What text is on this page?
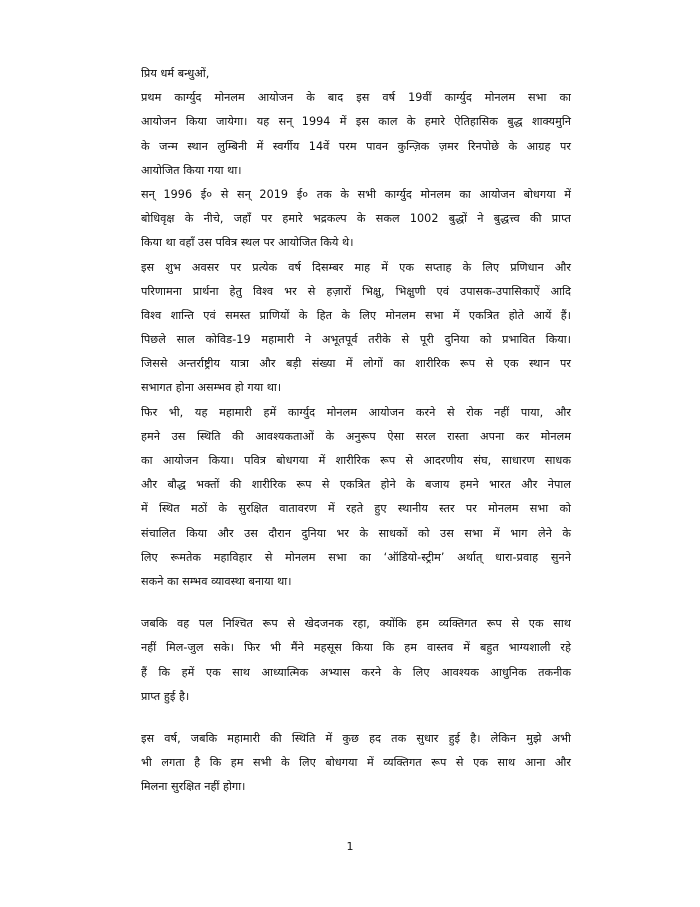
प्रिय धर्म बन्धुओं,
प्रथम कार्ग्युद मोनलम आयोजन के बाद इस वर्ष 19वीं कार्ग्युद मोनलम सभा का
आयोजन किया जायेगा। यह सन् 1994 में इस काल के हमारे ऐतिहासिक बुद्ध शाक्यमुनि
के जन्म स्थान लुम्बिनी में स्वर्गीय 14वें परम पावन कुन्ज़िक ज़मर रिनपोछे के आग्रह पर
आयोजित किया गया था।
सन् 1996 ई० से सन् 2019 ई० तक के सभी कार्ग्युद मोनलम का आयोजन बोधगया में
बोधिवृक्ष के नीचे, जहाँ पर हमारे भद्रकल्प के सकल 1002 बुद्धों ने बुद्धत्त्व की प्राप्त
किया था वहाँ उस पवित्र स्थल पर आयोजित किये थे।
इस शुभ अवसर पर प्रत्येक वर्ष दिसम्बर माह में एक सप्ताह के लिए प्रणिधान और
परिणामना प्रार्थना हेतु विश्व भर से हज़ारों भिक्षु, भिक्षुणी एवं उपासक-उपासिकाऐं आदि
विश्व शान्ति एवं समस्त प्राणियों के हित के लिए मोनलम सभा में एकत्रित होते आयें हैं।
पिछले साल कोविड-19 महामारी ने अभूतपूर्व तरीके से पूरी दुनिया को प्रभावित किया।
जिससे अन्तर्राष्ट्रीय यात्रा और बड़ी संख्या में लोगों का शारीरिक रूप से एक स्थान पर
सभागत होना असम्भव हो गया था।
फिर भी, यह महामारी हमें कार्ग्युद मोनलम आयोजन करने से रोक नहीं पाया, और
हमने उस स्थिति की आवश्यकताओं के अनुरूप ऐसा सरल रास्ता अपना कर मोनलम
का आयोजन किया। पवित्र बोधगया में शारीरिक रूप से आदरणीय संघ, साधारण साधक
और बौद्ध भक्तों की शारीरिक रूप से एकत्रित होने के बजाय हमने भारत और नेपाल
में स्थित मठों के सुरक्षित वातावरण में रहते हुए स्थानीय स्तर पर मोनलम सभा को
संचालित किया और उस दौरान दुनिया भर के साधकों को उस सभा में भाग लेने के
लिए रूमतेक महाविहार से मोनलम सभा का ‘ऑडियो-स्ट्रीम’ अर्थात् धारा-प्रवाह सुनने
सकने का सम्भव व्यावस्था बनाया था।
जबकि वह पल निश्चित रूप से खेदजनक रहा, क्योंकि हम व्यक्तिगत रूप से एक साथ
नहीं मिल-जुल सके। फिर भी मैंने महसूस किया कि हम वास्तव में बहुत भाग्यशाली रहे
हैं कि हमें एक साथ आध्यात्मिक अभ्यास करने के लिए आवश्यक आधुनिक तकनीक
प्राप्त हुई है।
इस वर्ष, जबकि महामारी की स्थिति में कुछ हद तक सुधार हुई है। लेकिन मुझे अभी
भी लगता है कि हम सभी के लिए बोधगया में व्यक्तिगत रूप से एक साथ आना और
मिलना सुरक्षित नहीं होगा।
1
